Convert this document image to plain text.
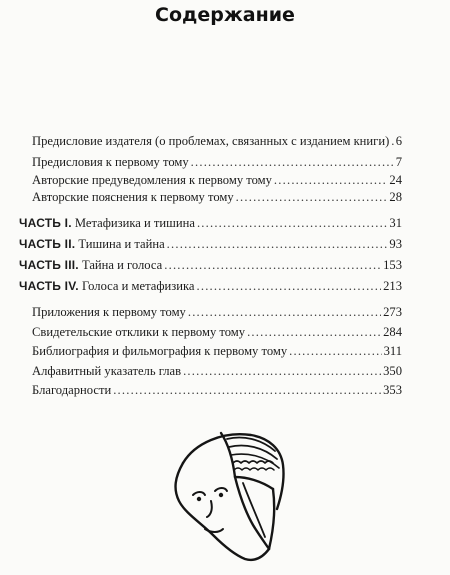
Содержание
Предисловие издателя (о проблемах, связанных с изданием книги) ..... 6
Предисловия к первому тому .....	7
Авторские предуведомления к первому тому .....	24
Авторские пояснения к первому тому .....	28
ЧАСТЬ I. Метафизика и тишина .....	31
ЧАСТЬ II. Тишина и тайна .....	93
ЧАСТЬ III. Тайна и голоса .....	153
ЧАСТЬ IV. Голоса и метафизика .....	213
Приложения к первому тому .....	273
Свидетельские отклики к первому тому .....	284
Библиография и фильмография к первому тому .....	311
Алфавитный указатель глав .....	350
Благодарности .....	353
